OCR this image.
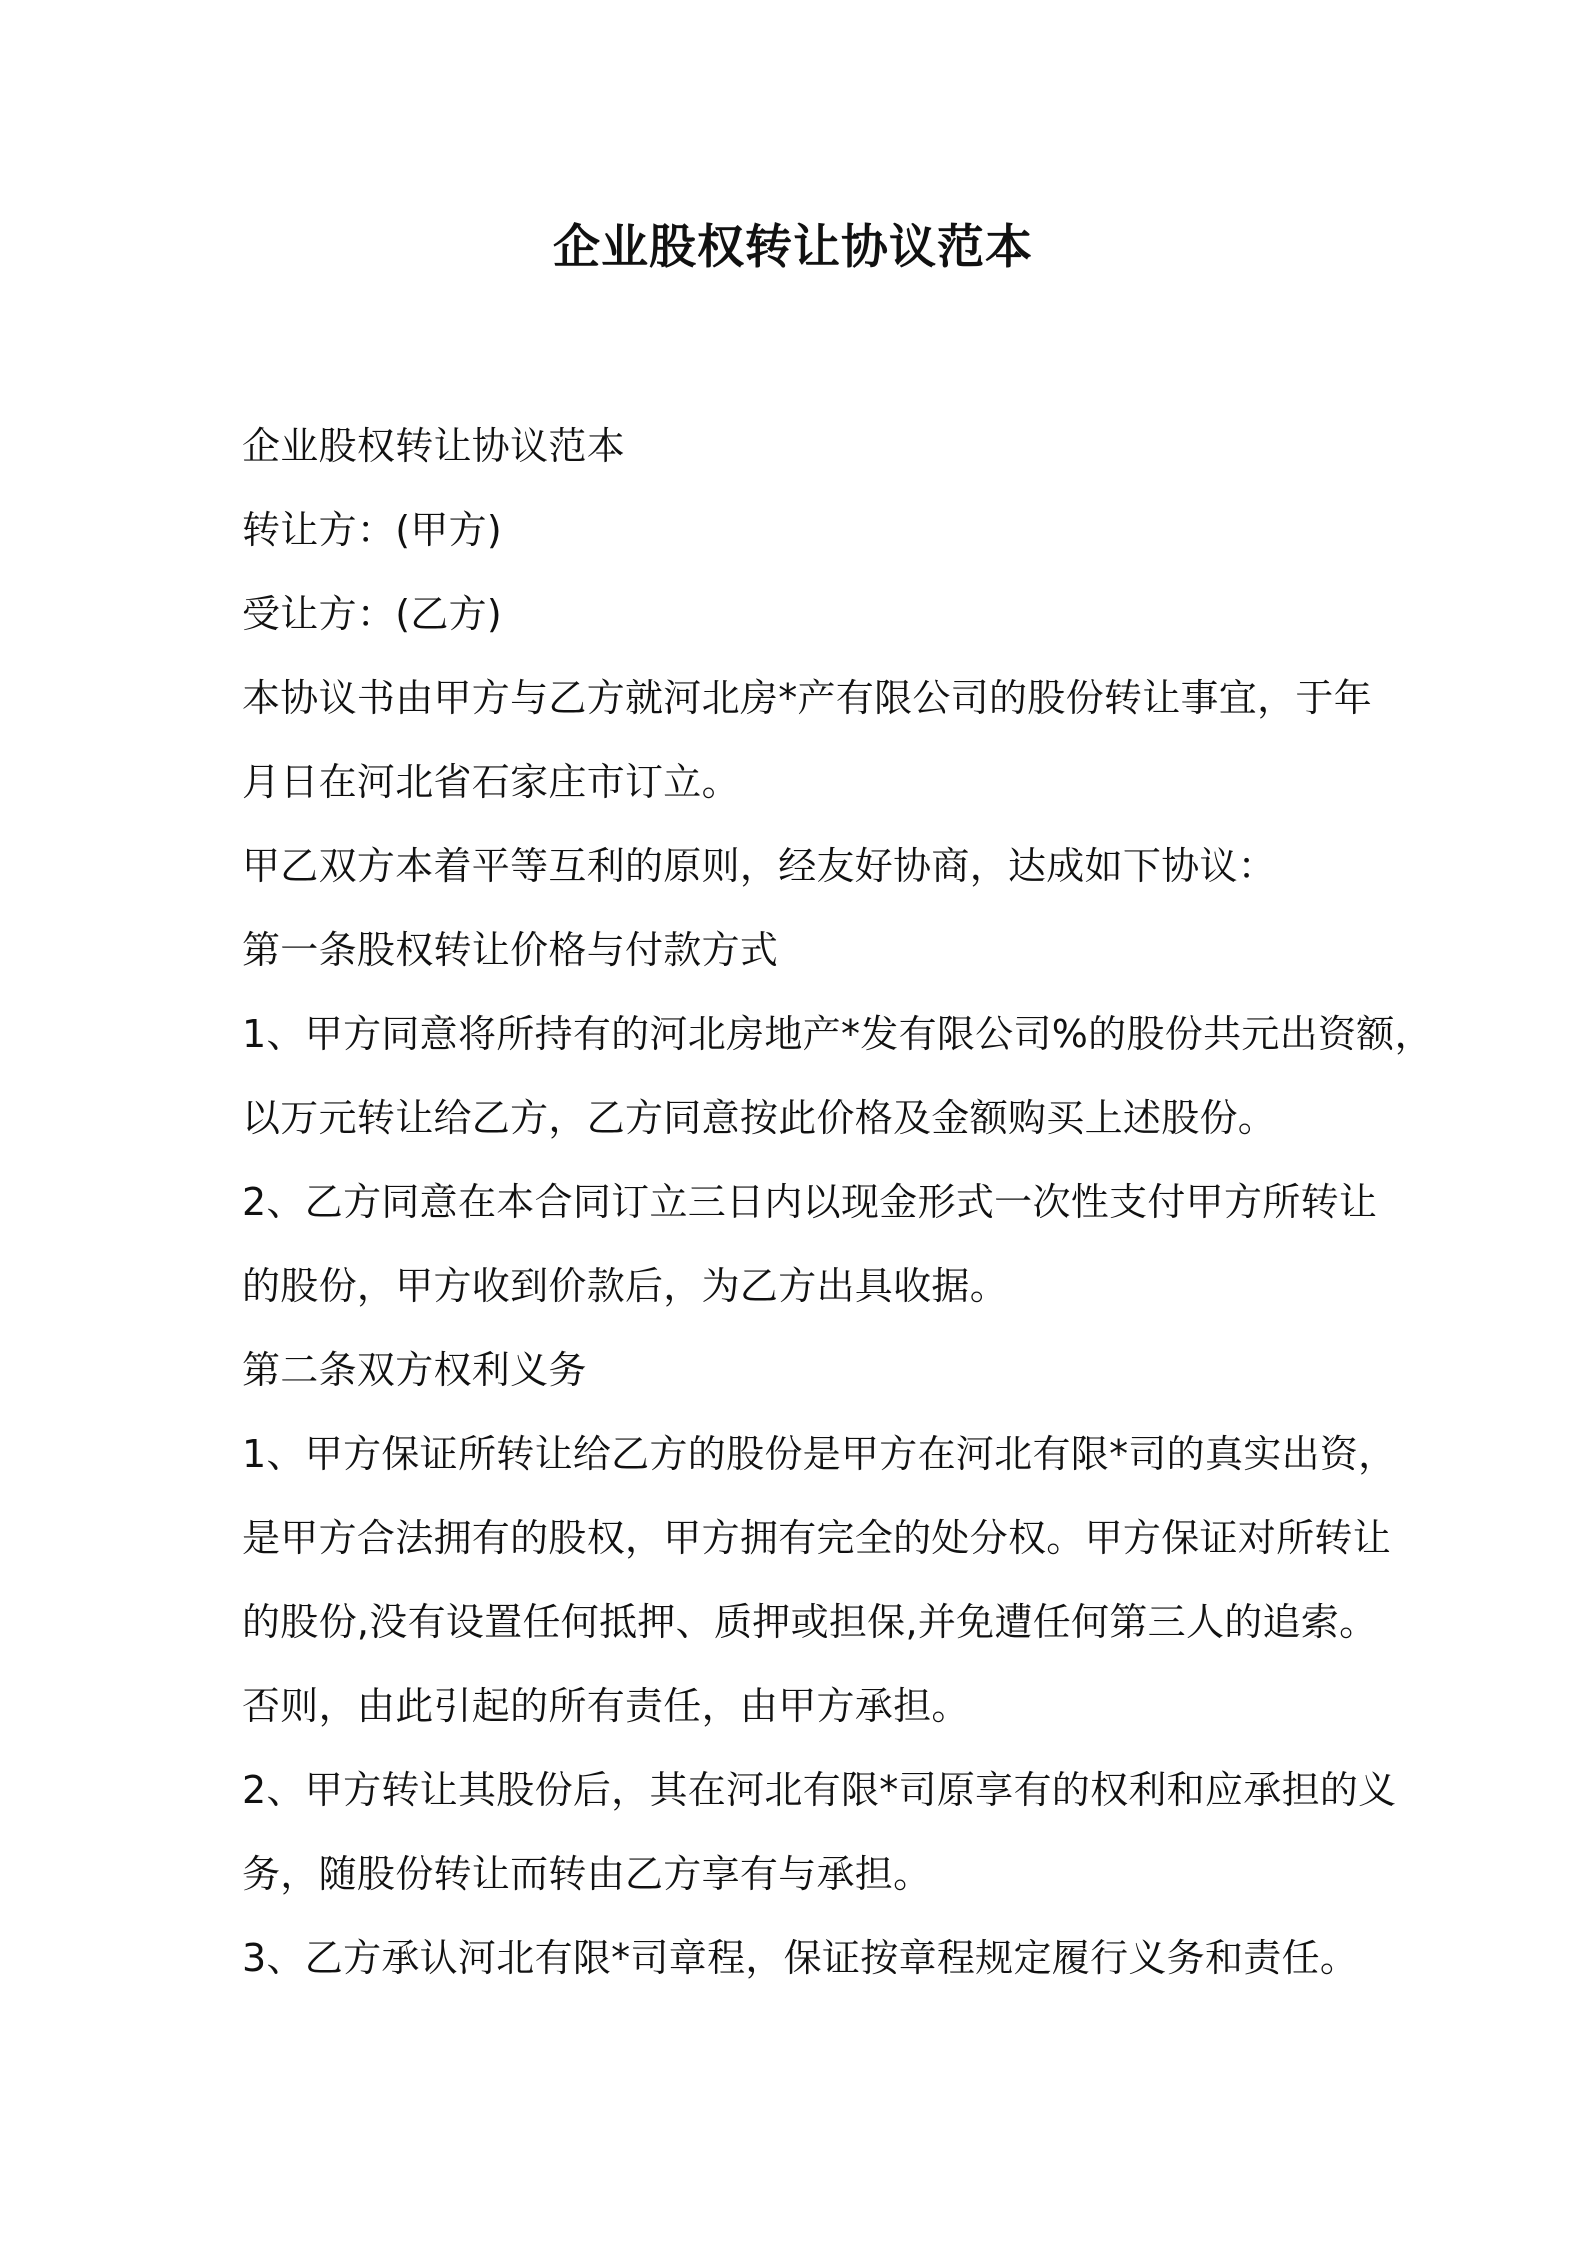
企业股权转让协议范本
企业股权转让协议范本
转让方：(甲方)
受让方：(乙方)
本协议书由甲方与乙方就河北房*产有限公司的股份转让事宜，于年
月日在河北省石家庄市订立。
甲乙双方本着平等互利的原则，经友好协商，达成如下协议：
第一条股权转让价格与付款方式
1、甲方同意将所持有的河北房地产*发有限公司%的股份共元出资额，
以万元转让给乙方，乙方同意按此价格及金额购买上述股份。
2、乙方同意在本合同订立三日内以现金形式一次性支付甲方所转让
的股份，甲方收到价款后，为乙方出具收据。
第二条双方权利义务
1、甲方保证所转让给乙方的股份是甲方在河北有限*司的真实出资，
是甲方合法拥有的股权，甲方拥有完全的处分权。甲方保证对所转让
的股份,没有设置任何抵押、质押或担保,并免遭任何第三人的追索。
否则，由此引起的所有责任，由甲方承担。
2、甲方转让其股份后，其在河北有限*司原享有的权利和应承担的义
务，随股份转让而转由乙方享有与承担。
3、乙方承认河北有限*司章程，保证按章程规定履行义务和责任。
